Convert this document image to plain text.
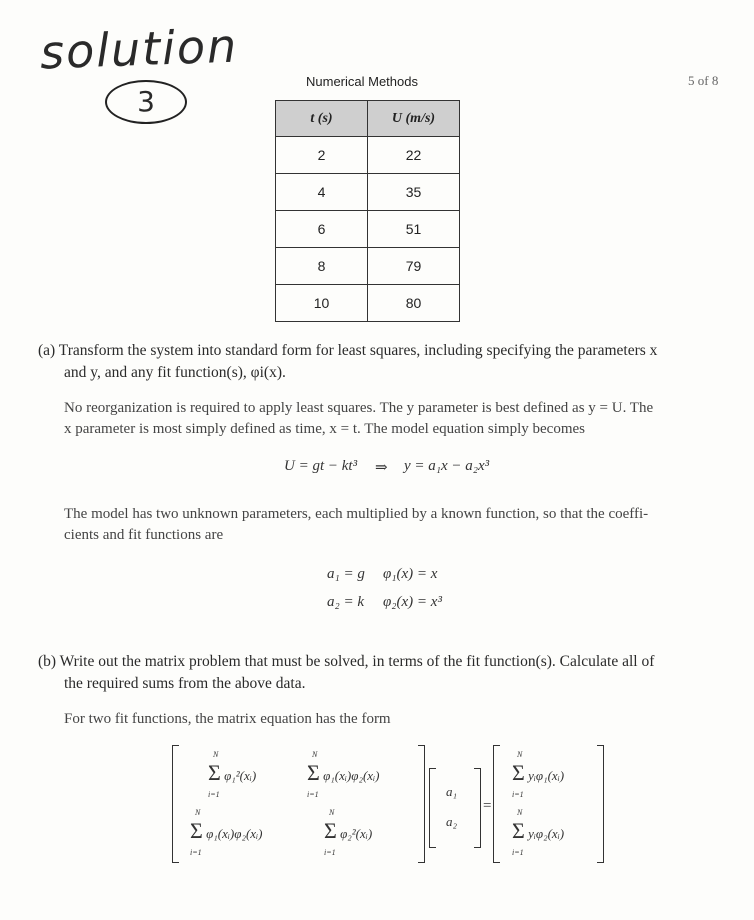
solution
3
Numerical Methods	5 of 8
t (s)	U (m/s)
2	22
4	35
6	51
8	79
10	80
(a) Transform the system into standard form for least squares, including specifying the parameters x
and y, and any fit function(s), φi(x).
No reorganization is required to apply least squares. The y parameter is best defined as y = U. The
x parameter is most simply defined as time, x = t. The model equation simply becomes
U = gt − kt³ ⇒ y = a₁x − a₂x³
The model has two unknown parameters, each multiplied by a known function, so that the coeffi-
cients and fit functions are
a₁ = g φ₁(x) = x
a₂ = k φ₂(x) = x³
(b) Write out the matrix problem that must be solved, in terms of the fit function(s). Calculate all of
the required sums from the above data.
For two fit functions, the matrix equation has the form
N
Σ φ₁²(xᵢ)
i=1
N
Σ φ₁(xᵢ)φ₂(xᵢ)
i=1
N
Σ φ₁(xᵢ)φ₂(xᵢ)
i=1
N
Σ φ₂²(xᵢ)
i=1
a₁
a₂
=
N
Σ yᵢφ₁(xᵢ)
i=1
N
Σ yᵢφ₂(xᵢ)
i=1
